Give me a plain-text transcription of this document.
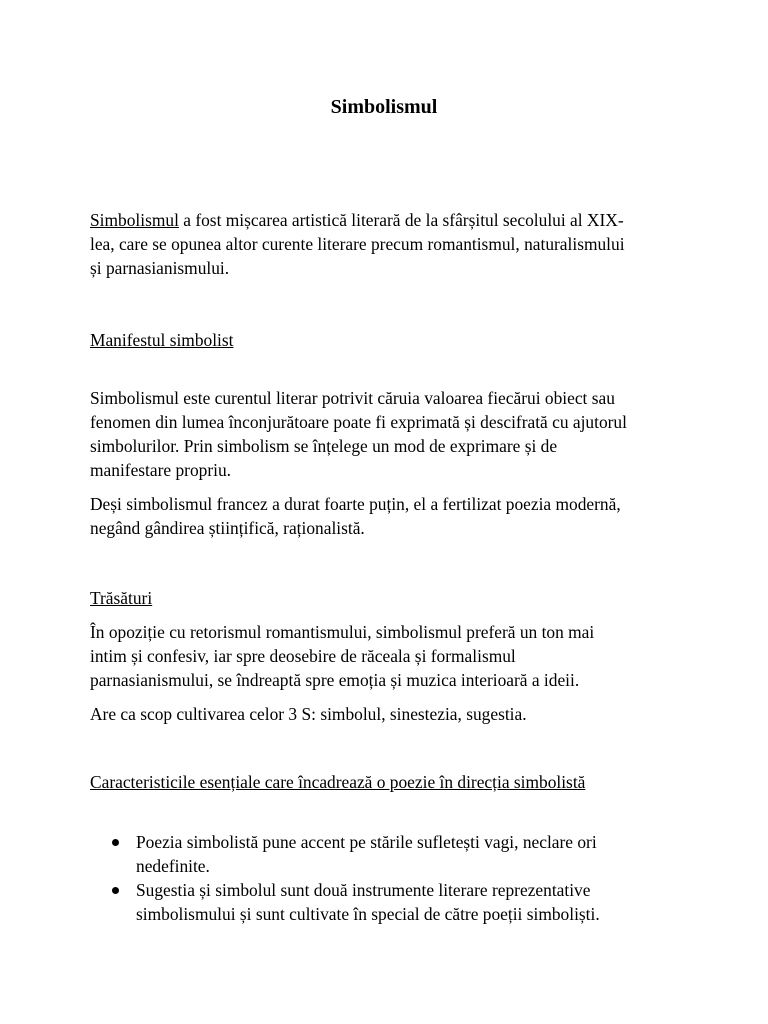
Simbolismul

Simbolismul a fost mișcarea artistică literară de la sfârșitul secolului al XIX-
lea, care se opunea altor curente literare precum romantismul, naturalismului
și parnasianismului.

Manifestul simbolist

Simbolismul este curentul literar potrivit căruia valoarea fiecărui obiect sau
fenomen din lumea înconjurătoare poate fi exprimată și descifrată cu ajutorul
simbolurilor. Prin simbolism se înțelege un mod de exprimare și de
manifestare propriu.

Deși simbolismul francez a durat foarte puțin, el a fertilizat poezia modernă,
negând gândirea științifică, raționalistă.

Trăsături

În opoziție cu retorismul romantismului, simbolismul preferă un ton mai
intim și confesiv, iar spre deosebire de răceala și formalismul
parnasianismului, se îndreaptă spre emoția și muzica interioară a ideii.

Are ca scop cultivarea celor 3 S: simbolul, sinestezia, sugestia.

Caracteristicile esențiale care încadrează o poezie în direcția simbolistă
Poezia simbolistă pune accent pe stările sufletești vagi, neclare ori
nedefinite.
Sugestia și simbolul sunt două instrumente literare reprezentative
simbolismului și sunt cultivate în special de către poeții simboliști.
